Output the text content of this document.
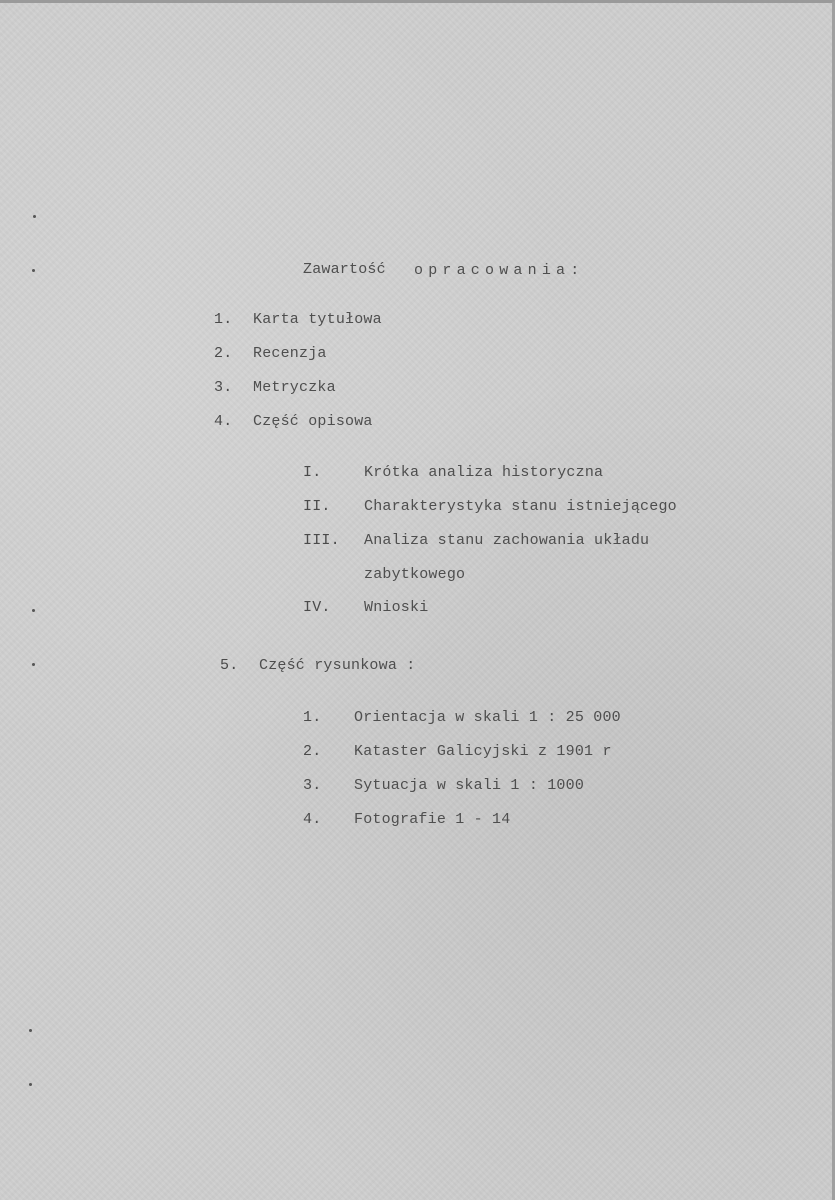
Zawartość opracowania:
1. Karta tytułowa
2. Recenzja
3. Metryczka
4. Część opisowa
I.	Krótka analiza historyczna
II. Charakterystyka stanu istniejącego
III. Analiza stanu zachowania układu
zabytkowego
IV. Wnioski
5. Część rysunkowa :
1. Orientacja w skali 1 : 25 000
2. Kataster Galicyjski z 1901 r
3. Sytuacja w skali 1 : 1000
4. Fotografie 1 - 14
